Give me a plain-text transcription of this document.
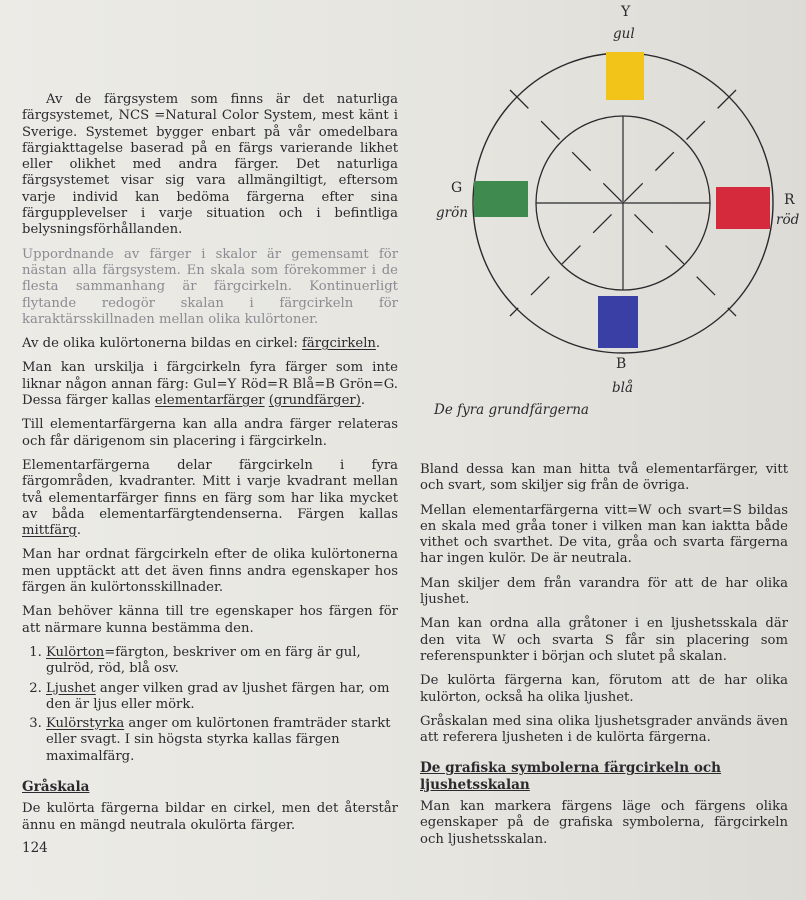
Av de färgsystem som finns är det naturliga färgsystemet, NCS =Natural Color System, mest känt i Sverige. Systemet bygger enbart på vår omedelbara färgiakttagelse baserad på en färgs varierande likhet eller olikhet med andra färger. Det naturliga färgsystemet visar sig vara allmängiltigt, eftersom varje individ kan bedöma färgerna efter sina färgupplevelser i varje situation och i befintliga belysningsförhållanden.

Uppordnande av färger i skalor är gemensamt för nästan alla färgsystem. En skala som förekommer i de flesta sammanhang är färgcirkeln. Kontinuerligt flytande redogör skalan i färgcirkeln för karaktärsskillnaden mellan olika kulörtoner.

Av de olika kulörtonerna bildas en cirkel: färgcirkeln.

Man kan urskilja i färgcirkeln fyra färger som inte liknar någon annan färg: Gul=Y Röd=R Blå=B Grön=G. Dessa färger kallas elementarfärger (grundfärger).

Till elementarfärgerna kan alla andra färger relateras och får därigenom sin placering i färgcirkeln.

Elementarfärgerna delar färgcirkeln i fyra färgområden, kvadranter. Mitt i varje kvadrant mellan två elementarfärger finns en färg som har lika mycket av båda elementarfärgtendenserna. Färgen kallas mittfärg.

Man har ordnat färgcirkeln efter de olika kulörtonerna men upptäckt att det även finns andra egenskaper hos färgen än kulörtonsskillnader.

Man behöver känna till tre egenskaper hos färgen för att närmare kunna bestämma den.

1. Kulörton=färgton, beskriver om en färg är gul, gulröd, röd, blå osv.
2. Ljushet anger vilken grad av ljushet färgen har, om den är ljus eller mörk.
3. Kulörstyrka anger om kulörtonen framträder starkt eller svagt. I sin högsta styrka kallas färgen maximalfärg.
Gråskala

De kulörta färgerna bildar en cirkel, men det återstår ännu en mängd neutrala okulörta färger.

124
Y
gul
R
röd
B
blå
G
grön
De fyra grundfärgerna

Bland dessa kan man hitta två elementarfärger, vitt och svart, som skiljer sig från de övriga.

Mellan elementarfärgerna vitt=W och svart=S bildas en skala med gråa toner i vilken man kan iaktta både vithet och svarthet. De vita, gråa och svarta färgerna har ingen kulör. De är neutrala.

Man skiljer dem från varandra för att de har olika ljushet.

Man kan ordna alla gråtoner i en ljushetsskala där den vita W och svarta S får sin placering som referenspunkter i början och slutet på skalan.

De kulörta färgerna kan, förutom att de har olika kulörton, också ha olika ljushet.

Gråskalan med sina olika ljushetsgrader används även att referera ljusheten i de kulörta färgerna.

De grafiska symbolerna färgcirkeln och ljushetsskalan

Man kan markera färgens läge och färgens olika egenskaper på de grafiska symbolerna, färgcirkeln och ljushetsskalan.
